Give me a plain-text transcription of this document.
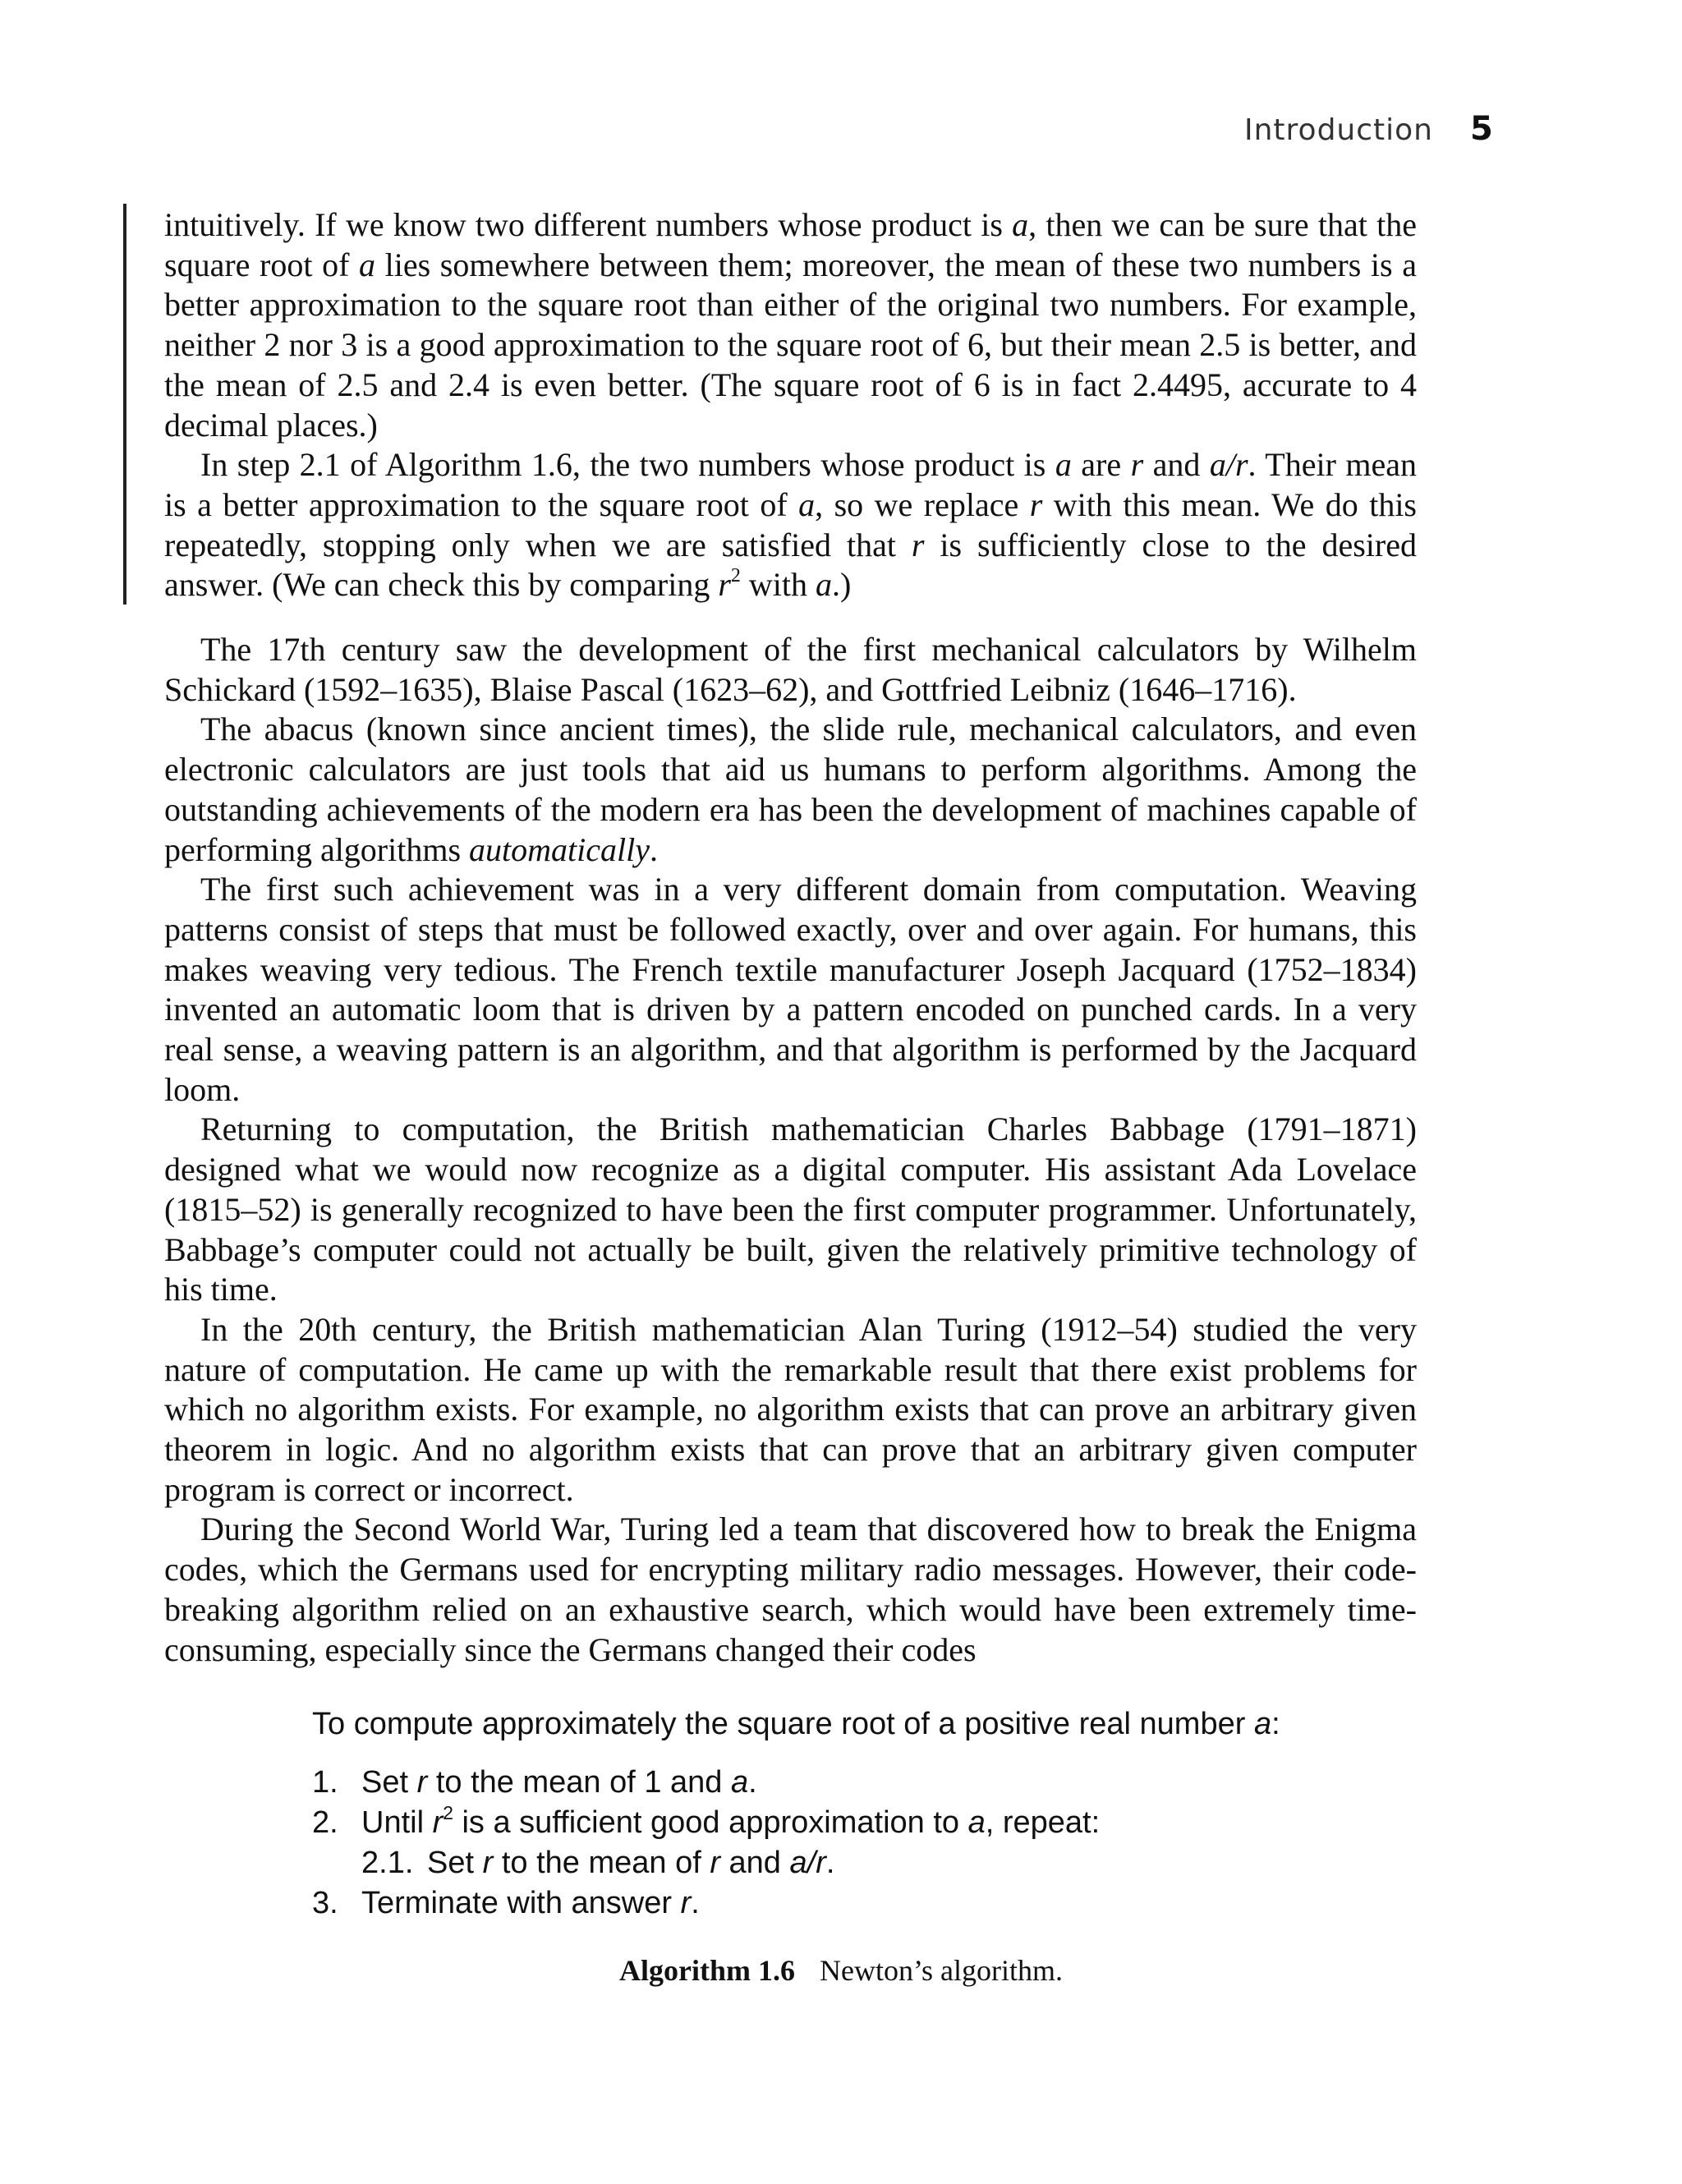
Introduction 5

intuitively. If we know two different numbers whose product is a, then we can be sure that the square root of a lies somewhere between them; moreover, the mean of these two numbers is a better approximation to the square root than either of the original two numbers. For example, neither 2 nor 3 is a good approximation to the square root of 6, but their mean 2.5 is better, and the mean of 2.5 and 2.4 is even better. (The square root of 6 is in fact 2.4495, accurate to 4 decimal places.)

In step 2.1 of Algorithm 1.6, the two numbers whose product is a are r and a/r. Their mean is a better approximation to the square root of a, so we replace r with this mean. We do this repeatedly, stopping only when we are satisfied that r is sufficiently close to the desired answer. (We can check this by comparing $r^2$ with a.)

The 17th century saw the development of the first mechanical calculators by Wilhelm Schickard (1592–1635), Blaise Pascal (1623–62), and Gottfried Leibniz (1646–1716).

The abacus (known since ancient times), the slide rule, mechanical calculators, and even electronic calculators are just tools that aid us humans to perform algorithms. Among the outstanding achievements of the modern era has been the development of machines capable of performing algorithms automatically.

The first such achievement was in a very different domain from computation. Weaving patterns consist of steps that must be followed exactly, over and over again. For humans, this makes weaving very tedious. The French textile manufacturer Joseph Jacquard (1752–1834) invented an automatic loom that is driven by a pattern encoded on punched cards. In a very real sense, a weaving pattern is an algorithm, and that algorithm is performed by the Jacquard loom.

Returning to computation, the British mathematician Charles Babbage (1791–1871) designed what we would now recognize as a digital computer. His assistant Ada Lovelace (1815–52) is generally recognized to have been the first computer programmer. Unfortunately, Babbage’s computer could not actually be built, given the relatively primitive technology of his time.

In the 20th century, the British mathematician Alan Turing (1912–54) studied the very nature of computation. He came up with the remarkable result that there exist problems for which no algorithm exists. For example, no algorithm exists that can prove an arbitrary given theorem in logic. And no algorithm exists that can prove that an arbitrary given computer program is correct or incorrect.

During the Second World War, Turing led a team that discovered how to break the Enigma codes, which the Germans used for encrypting military radio messages. However, their code-breaking algorithm relied on an exhaustive search, which would have been extremely time-consuming, especially since the Germans changed their codes

To compute approximately the square root of a positive real number a:
1. Set r to the mean of 1 and a.
2. Until $r^2$ is a sufficient good approximation to a, repeat:
2.1. Set r to the mean of r and a/r.
3. Terminate with answer r.
Algorithm 1.6 Newton’s algorithm.
